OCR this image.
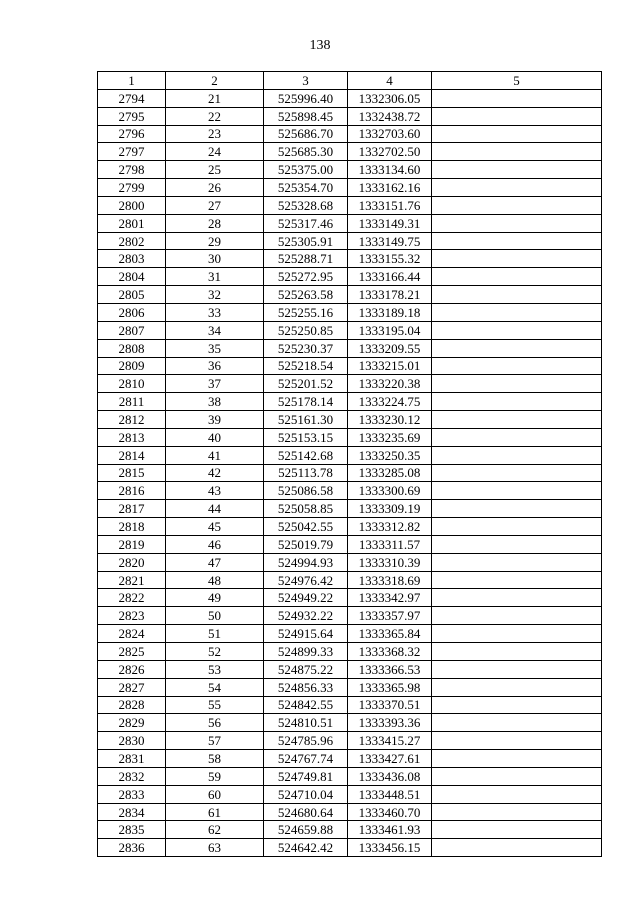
138
1	2	3	4	5
2794	21	525996.40	1332306.05	
2795	22	525898.45	1332438.72	
2796	23	525686.70	1332703.60	
2797	24	525685.30	1332702.50	
2798	25	525375.00	1333134.60	
2799	26	525354.70	1333162.16	
2800	27	525328.68	1333151.76	
2801	28	525317.46	1333149.31	
2802	29	525305.91	1333149.75	
2803	30	525288.71	1333155.32	
2804	31	525272.95	1333166.44	
2805	32	525263.58	1333178.21	
2806	33	525255.16	1333189.18	
2807	34	525250.85	1333195.04	
2808	35	525230.37	1333209.55	
2809	36	525218.54	1333215.01	
2810	37	525201.52	1333220.38	
2811	38	525178.14	1333224.75	
2812	39	525161.30	1333230.12	
2813	40	525153.15	1333235.69	
2814	41	525142.68	1333250.35	
2815	42	525113.78	1333285.08	
2816	43	525086.58	1333300.69	
2817	44	525058.85	1333309.19	
2818	45	525042.55	1333312.82	
2819	46	525019.79	1333311.57	
2820	47	524994.93	1333310.39	
2821	48	524976.42	1333318.69	
2822	49	524949.22	1333342.97	
2823	50	524932.22	1333357.97	
2824	51	524915.64	1333365.84	
2825	52	524899.33	1333368.32	
2826	53	524875.22	1333366.53	
2827	54	524856.33	1333365.98	
2828	55	524842.55	1333370.51	
2829	56	524810.51	1333393.36	
2830	57	524785.96	1333415.27	
2831	58	524767.74	1333427.61	
2832	59	524749.81	1333436.08	
2833	60	524710.04	1333448.51	
2834	61	524680.64	1333460.70	
2835	62	524659.88	1333461.93	
2836	63	524642.42	1333456.15	
